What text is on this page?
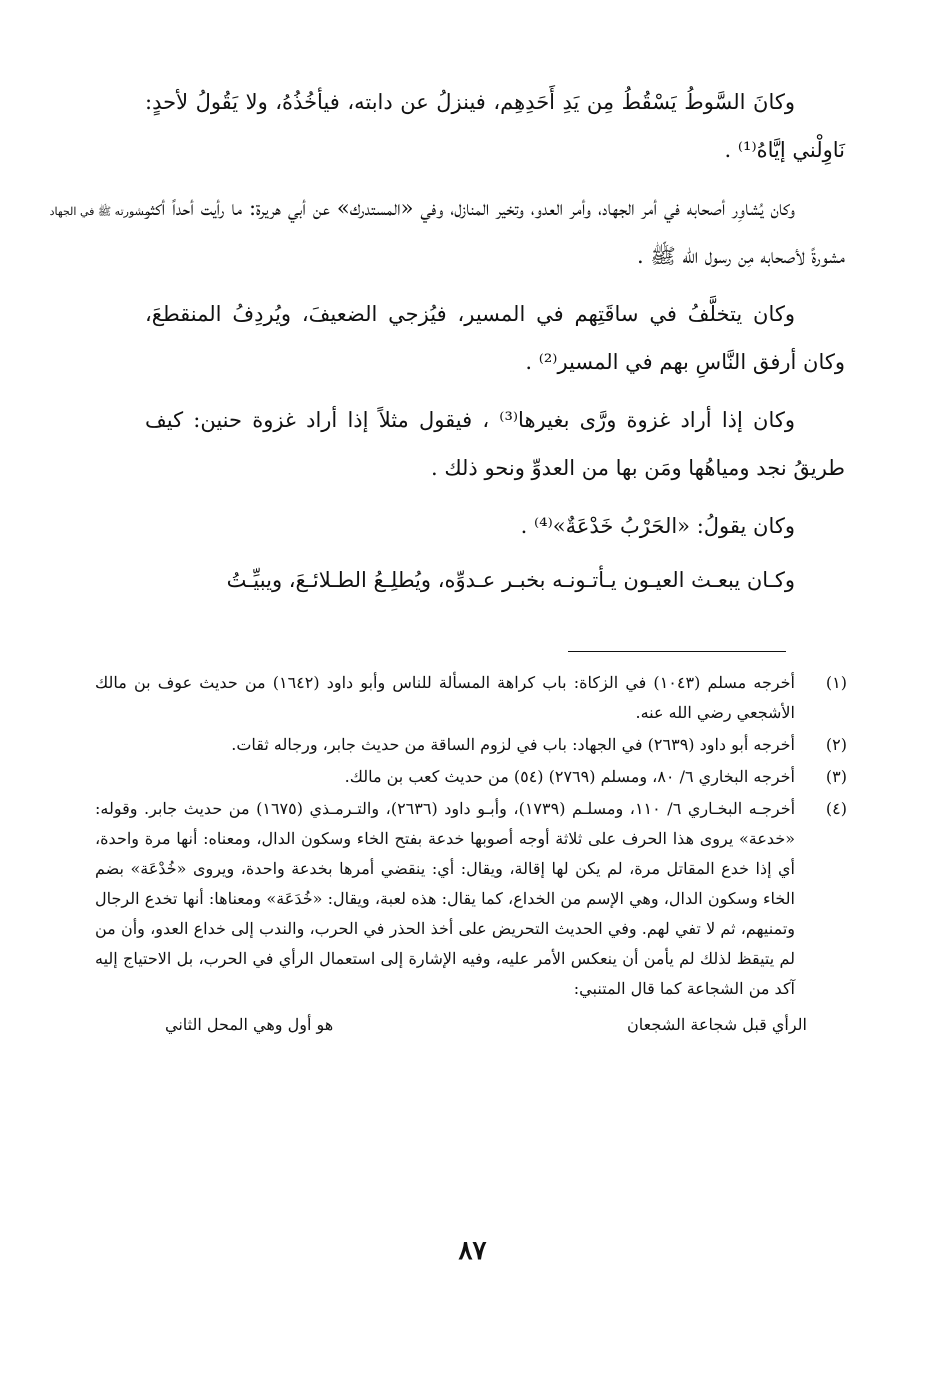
وكانَ السَّوطُ يَسْقُطُ مِن يَدِ أَحَدِهِم، فينزلُ عن دابته، فيأخُذُهُ، ولا يَقُولُ لأحدٍ: نَاوِلْني إيَّاهُ⁽¹⁾ .

وكان يُشاوِر أصحابه في أمر الجهاد، وأمر العدو، وتخير المنازل، وفي «المستدرك» عن أبي هريرة: ما رأيت أحداً أكثر مشورةً لأصحابه مِن رسول الله ﷺ .

وكان يتخلَّفُ في ساقَتِهم في المسير، فيُزجي الضعيفَ، ويُردِفُ المنقطعَ، وكان أرفق النَّاسِ بهم في المسير⁽²⁾ .

وكان إذا أراد غزوة ورَّى بغيرها⁽³⁾ ، فيقول مثلاً إذا أراد غزوة حنين: كيف طريقُ نجد ومياهُها ومَن بها من العدوِّ ونحو ذلك .

وكان يقولُ: «الحَرْبُ خَدْعَةٌ»⁽⁴⁾ .

وكـان يبعـث العيـون يـأتـونـه بخبـر عـدوِّه، ويُطلِـعُ الطـلائـعَ، ويبيِّـتُ

مشورته ﷺ في الجهاد
(١)
أخرجه مسلم (١٠٤٣) في الزكاة: باب كراهة المسألة للناس وأبو داود (١٦٤٢) من حديث عوف بن مالك الأشجعي رضي الله عنه.
(٢)
أخرجه أبو داود (٢٦٣٩) في الجهاد: باب في لزوم الساقة من حديث جابر، ورجاله ثقات.
(٣)
أخرجه البخاري ٦/ ٨٠، ومسلم (٢٧٦٩) (٥٤) من حديث كعب بن مالك.
(٤)
أخرجـه البخـاري ٦/ ١١٠، ومسلـم (١٧٣٩)، وأبـو داود (٢٦٣٦)، والتـرمـذي (١٦٧٥) من حديث جابر. وقوله: «خدعة» يروى هذا الحرف على ثلاثة أوجه أصوبها خدعة بفتح الخاء وسكون الدال، ومعناه: أنها مرة واحدة، أي إذا خدع المقاتل مرة، لم يكن لها إقالة، ويقال: أي: ينقضي أمرها بخدعة واحدة، ويروى «خُدْعَة» بضم الخاء وسكون الدال، وهي الإسم من الخداع، كما يقال: هذه لعبة، ويقال: «خُدَعَة» ومعناها: أنها تخدع الرجال وتمنيهم، ثم لا تفي لهم. وفي الحديث التحريض على أخذ الحذر في الحرب، والندب إلى خداع العدو، وأن من لم يتيقظ لذلك لم يأمن أن ينعكس الأمر عليه، وفيه الإشارة إلى استعمال الرأي في الحرب، بل الاحتياج إليه آكد من الشجاعة كما قال المتنبي:
الرأي قبل شجاعة الشجعان
هو أول وهي المحل الثاني
٨٧
